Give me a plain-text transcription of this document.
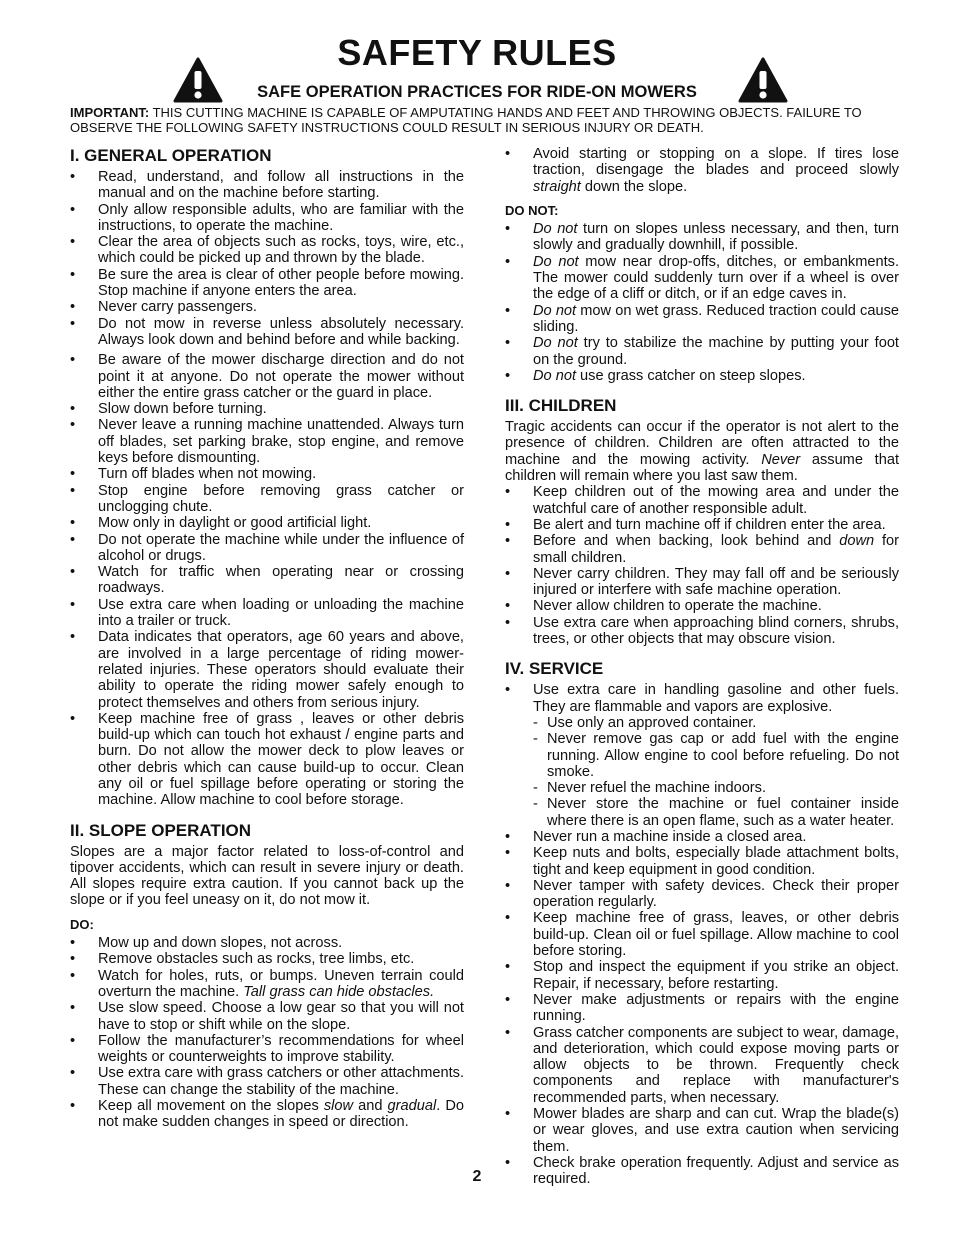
SAFETY RULES
SAFE OPERATION PRACTICES FOR RIDE-ON MOWERS

IMPORTANT: THIS CUTTING MACHINE IS CAPABLE OF AMPUTATING HANDS AND FEET AND THROWING OBJECTS. FAILURE TO OBSERVE THE FOLLOWING SAFETY INSTRUCTIONS COULD RESULT IN SERIOUS INJURY OR DEATH.

I. GENERAL OPERATION
• Read, understand, and follow all instructions in the manual and on the machine before starting.
• Only allow responsible adults, who are familiar with the instructions, to operate the machine.
• Clear the area of objects such as rocks, toys, wire, etc., which could be picked up and thrown by the blade.
• Be sure the area is clear of other people before mowing. Stop machine if anyone enters the area.
• Never carry passengers.
• Do not mow in reverse unless absolutely necessary. Always look down and behind before and while backing.
• Be aware of the mower discharge direction and do not point it at anyone. Do not operate the mower without either the entire grass catcher or the guard in place.
• Slow down before turning.
• Never leave a running machine unattended. Always turn off blades, set parking brake, stop engine, and remove keys before dismounting.
• Turn off blades when not mowing.
• Stop engine before removing grass catcher or unclogging chute.
• Mow only in daylight or good artificial light.
• Do not operate the machine while under the influence of alcohol or drugs.
• Watch for traffic when operating near or crossing roadways.
• Use extra care when loading or unloading the machine into a trailer or truck.
• Data indicates that operators, age 60 years and above, are involved in a large percentage of riding mower-related injuries. These operators should evaluate their ability to operate the riding mower safely enough to protect themselves and others from serious injury.
• Keep machine free of grass , leaves or other debris build-up which can touch hot exhaust / engine parts and burn. Do not allow the mower deck to plow leaves or other debris which can cause build-up to occur. Clean any oil or fuel spillage before operating or storing the machine. Allow machine to cool before storage.
II. SLOPE OPERATION

Slopes are a major factor related to loss-of-control and tipover accidents, which can result in severe injury or death. All slopes require extra caution. If you cannot back up the slope or if you feel uneasy on it, do not mow it.

DO:
• Mow up and down slopes, not across.
• Remove obstacles such as rocks, tree limbs, etc.
• Watch for holes, ruts, or bumps. Uneven terrain could overturn the machine. Tall grass can hide obstacles.
• Use slow speed. Choose a low gear so that you will not have to stop or shift while on the slope.
• Follow the manufacturer’s recommendations for wheel weights or counterweights to improve stability.
• Use extra care with grass catchers or other attachments. These can change the stability of the machine.
• Keep all movement on the slopes slow and gradual. Do not make sudden changes in speed or direction.
• Avoid starting or stopping on a slope. If tires lose traction, disengage the blades and proceed slowly straight down the slope.
DO NOT:
• Do not turn on slopes unless necessary, and then, turn slowly and gradually downhill, if possible.
• Do not mow near drop-offs, ditches, or embankments. The mower could suddenly turn over if a wheel is over the edge of a cliff or ditch, or if an edge caves in.
• Do not mow on wet grass. Reduced traction could cause sliding.
• Do not try to stabilize the machine by putting your foot on the ground.
• Do not use grass catcher on steep slopes.
III. CHILDREN

Tragic accidents can occur if the operator is not alert to the presence of children. Children are often attracted to the machine and the mowing activity. Never assume that children will remain where you last saw them.

• Keep children out of the mowing area and under the watchful care of another responsible adult.
• Be alert and turn machine off if children enter the area.
• Before and when backing, look behind and down for small children.
• Never carry children. They may fall off and be seriously injured or interfere with safe machine operation.
• Never allow children to operate the machine.
• Use extra care when approaching blind corners, shrubs, trees, or other objects that may obscure vision.
IV. SERVICE
• Use extra care in handling gasoline and other fuels. They are flammable and vapors are explosive.
- Use only an approved container.
- Never remove gas cap or add fuel with the engine running. Allow engine to cool before refueling. Do not smoke.
- Never refuel the machine indoors.
- Never store the machine or fuel container inside where there is an open flame, such as a water heater.
• Never run a machine inside a closed area.
• Keep nuts and bolts, especially blade attachment bolts, tight and keep equipment in good condition.
• Never tamper with safety devices. Check their proper operation regularly.
• Keep machine free of grass, leaves, or other debris build-up. Clean oil or fuel spillage. Allow machine to cool before storing.
• Stop and inspect the equipment if you strike an object. Repair, if necessary, before restarting.
• Never make adjustments or repairs with the engine running.
• Grass catcher components are subject to wear, damage, and deterioration, which could expose moving parts or allow objects to be thrown. Frequently check components and replace with manufacturer's recommended parts, when necessary.
• Mower blades are sharp and can cut. Wrap the blade(s) or wear gloves, and use extra caution when servicing them.
• Check brake operation frequently. Adjust and service as required.
2
